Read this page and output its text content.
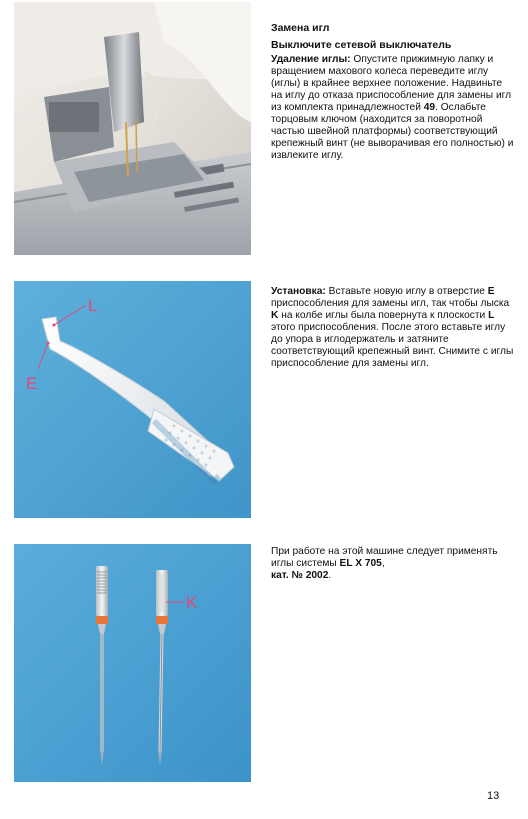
Замена игл

Выключите сетевой выключатель

Удаление иглы: Опустите прижимную лапку и вращением махового колеса переведите иглу (иглы) в крайнее верхнее положение. Надвиньте на иглу до отказа приспособление для замены игл из комплекта принадлежностей 49. Ослабьте торцовым ключом (находится за поворотной частью швейной платформы) соответствующий крепежный винт (не выворачивая его полностью) и извлеките иглу.

L
E

Установка: Вставьте новую иглу в отверстие E приспособления для замены игл, так чтобы лыска K на колбе иглы была повернута к плоскости L этого приспособления. После этого вставьте иглу до упора в иглодержатель и затяните соответствующий крепежный винт. Снимите с иглы приспособление для замены игл.

K

При работе на этой машине следует применять иглы системы EL X 705,
кат. № 2002.

13
